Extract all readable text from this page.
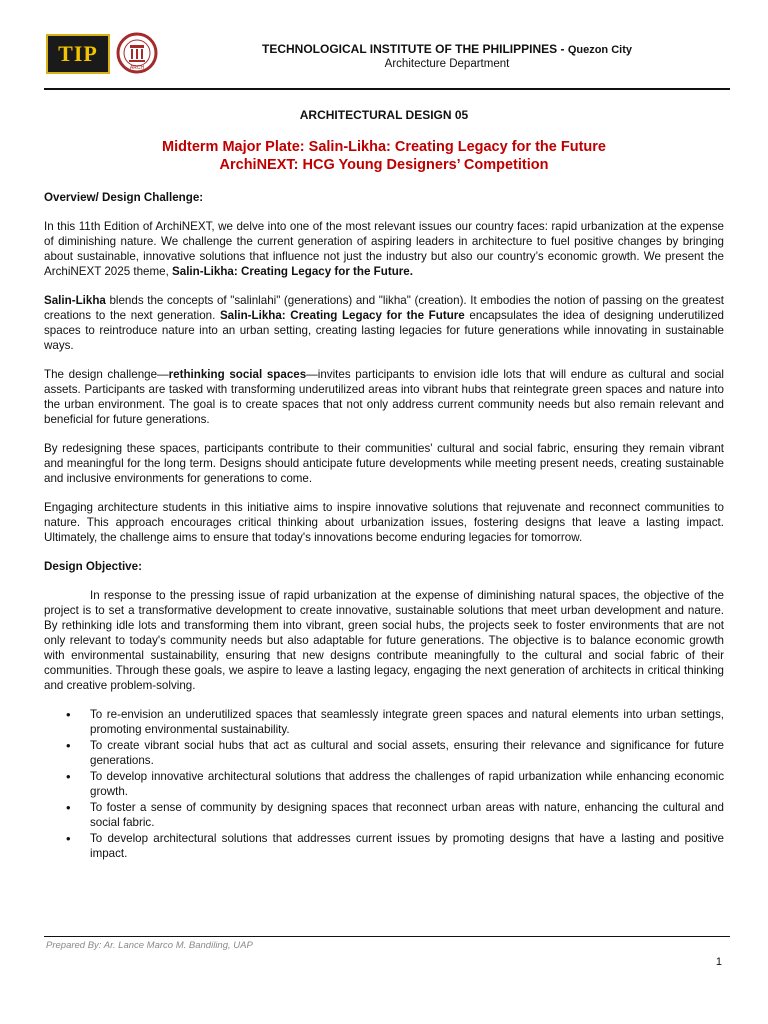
TIP
ARCH
TECHNOLOGICAL INSTITUTE OF THE PHILIPPINES - Quezon City
Architecture Department
ARCHITECTURAL DESIGN 05
Midterm Major Plate: Salin-Likha: Creating Legacy for the Future
ArchiNEXT: HCG Young Designers’ Competition
Overview/ Design Challenge:

In this 11th Edition of ArchiNEXT, we delve into one of the most relevant issues our country faces: rapid urbanization at the expense of diminishing nature. We challenge the current generation of aspiring leaders in architecture to fuel positive changes by bringing about sustainable, innovative solutions that influence not just the industry but also our country’s economic growth. We present the ArchiNEXT 2025 theme, Salin-Likha: Creating Legacy for the Future.

Salin-Likha blends the concepts of "salinlahi" (generations) and "likha" (creation). It embodies the notion of passing on the greatest creations to the next generation. Salin-Likha: Creating Legacy for the Future encapsulates the idea of designing underutilized spaces to reintroduce nature into an urban setting, creating lasting legacies for future generations while innovating in sustainable ways.

The design challenge—rethinking social spaces—invites participants to envision idle lots that will endure as cultural and social assets. Participants are tasked with transforming underutilized areas into vibrant hubs that reintegrate green spaces and nature into the urban environment. The goal is to create spaces that not only address current community needs but also remain relevant and beneficial for future generations.

By redesigning these spaces, participants contribute to their communities' cultural and social fabric, ensuring they remain vibrant and meaningful for the long term. Designs should anticipate future developments while meeting present needs, creating sustainable and inclusive environments for generations to come.

Engaging architecture students in this initiative aims to inspire innovative solutions that rejuvenate and reconnect communities to nature. This approach encourages critical thinking about urbanization issues, fostering designs that leave a lasting impact. Ultimately, the challenge aims to ensure that today's innovations become enduring legacies for tomorrow.

Design Objective:

In response to the pressing issue of rapid urbanization at the expense of diminishing natural spaces, the objective of the project is to set a transformative development to create innovative, sustainable solutions that meet urban development and nature. By rethinking idle lots and transforming them into vibrant, green social hubs, the projects seek to foster environments that are not only relevant to today's community needs but also adaptable for future generations. The objective is to balance economic growth with environmental sustainability, ensuring that new designs contribute meaningfully to the cultural and social fabric of their communities. Through these goals, we aspire to leave a lasting legacy, engaging the next generation of architects in critical thinking and creative problem-solving.

• To re-envision an underutilized spaces that seamlessly integrate green spaces and natural elements into urban settings, promoting environmental sustainability.
• To create vibrant social hubs that act as cultural and social assets, ensuring their relevance and significance for future generations.
• To develop innovative architectural solutions that address the challenges of rapid urbanization while enhancing economic growth.
• To foster a sense of community by designing spaces that reconnect urban areas with nature, enhancing the cultural and social fabric.
• To develop architectural solutions that addresses current issues by promoting designs that have a lasting and positive impact.
Prepared By: Ar. Lance Marco M. Bandiling, UAP
1
